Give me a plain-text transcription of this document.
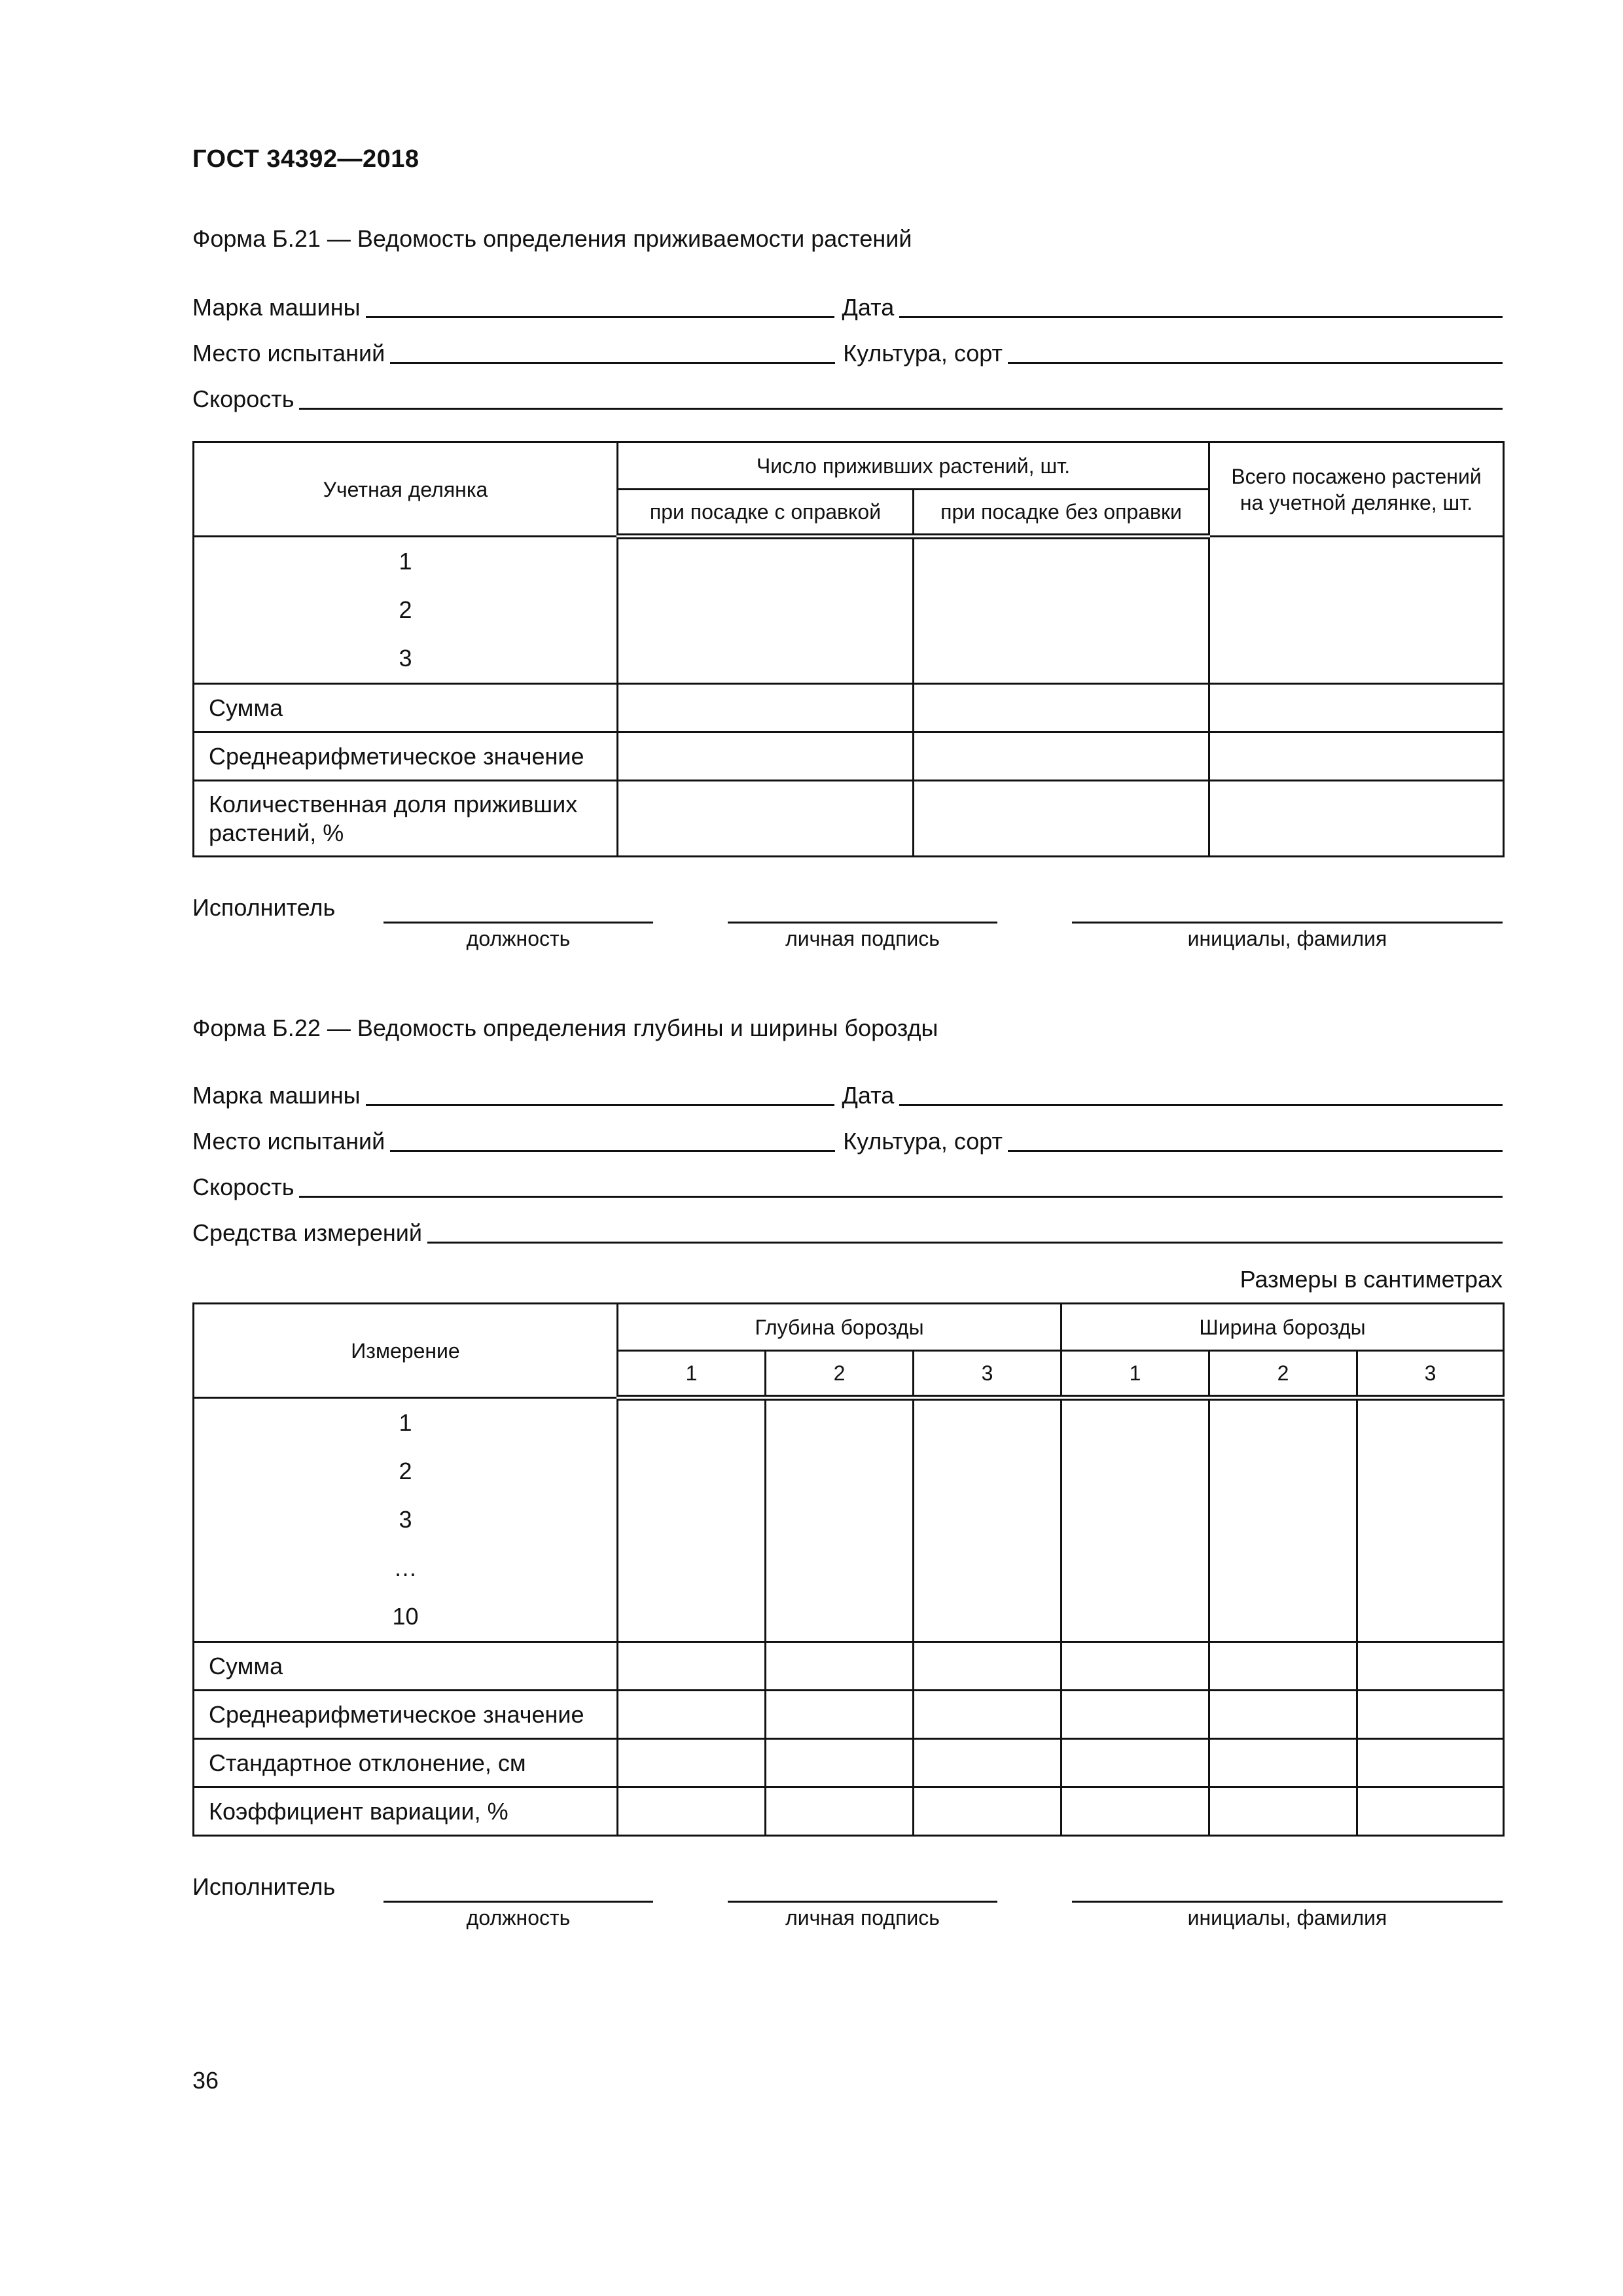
ГОСТ 34392—2018
Форма Б.21 — Ведомость определения приживаемости растений
Марка машины	Дата
Место испытаний	Культура, сорт
Скорость
Учетная делянка	Число приживших растений, шт.		Всего посажено растений на учетной делянке, шт.
	при посадке с оправкой	при посадке без оправки	

1
2
3			

Сумма			
Среднеарифметическое значение			
Количественная доля приживших растений, %			
Исполнитель
должность	личная подпись	инициалы, фамилия
Форма Б.22 — Ведомость определения глубины и ширины борозды
Марка машины	Дата
Место испытаний	Культура, сорт
Скорость
Средства измерений
Размеры в сантиметрах
Измерение	Глубина борозды			Ширина борозды		
	1	2	3	1	2	3

1
2
3
…
10						

Сумма						
Среднеарифметическое значение						
Стандартное отклонение, см						
Коэффициент вариации, %						
Исполнитель
должность	личная подпись	инициалы, фамилия
36
